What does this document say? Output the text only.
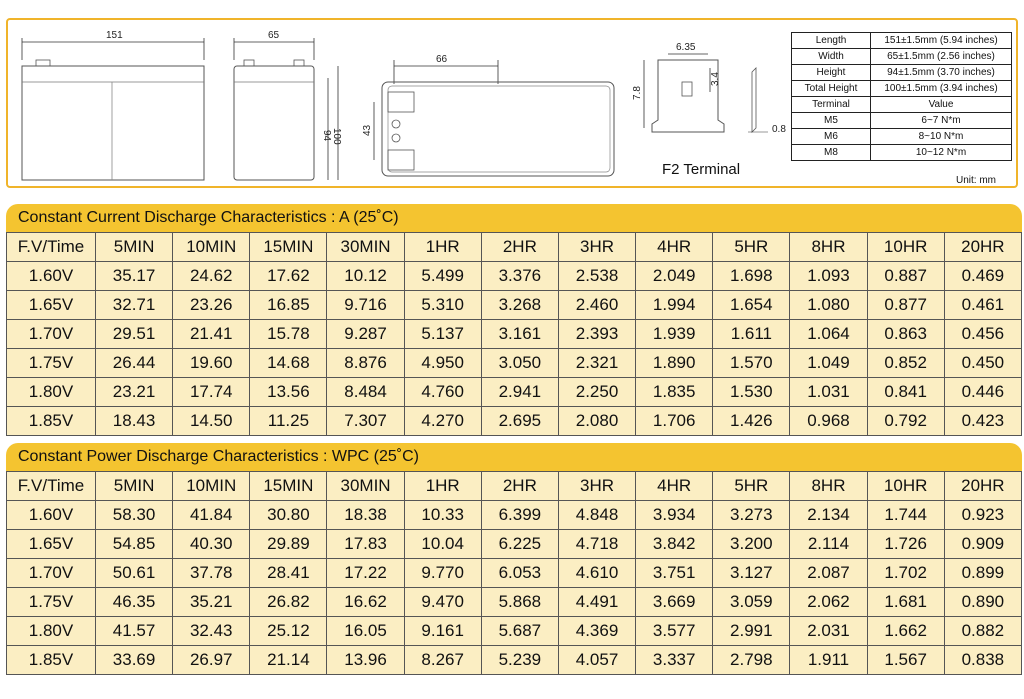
151	65
94 100
66
43
6.35
7.8
3.4
0.8
F2 Terminal
Length	151±1.5mm (5.94 inches)
Width	65±1.5mm (2.56 inches)
Height	94±1.5mm (3.70 inches)
Total Height	100±1.5mm (3.94 inches)
Terminal	Value
M5	6~7 N*m
M6	8~10 N*m
M8	10~12 N*m
Unit: mm
Constant Current Discharge Characteristics : A (25˚C)
F.V/Time	5MIN	10MIN	15MIN	30MIN	1HR	2HR	3HR	4HR	5HR	8HR	10HR	20HR
1.60V	35.17	24.62	17.62	10.12	5.499	3.376	2.538	2.049	1.698	1.093	0.887	0.469
1.65V	32.71	23.26	16.85	9.716	5.310	3.268	2.460	1.994	1.654	1.080	0.877	0.461
1.70V	29.51	21.41	15.78	9.287	5.137	3.161	2.393	1.939	1.611	1.064	0.863	0.456
1.75V	26.44	19.60	14.68	8.876	4.950	3.050	2.321	1.890	1.570	1.049	0.852	0.450
1.80V	23.21	17.74	13.56	8.484	4.760	2.941	2.250	1.835	1.530	1.031	0.841	0.446
1.85V	18.43	14.50	11.25	7.307	4.270	2.695	2.080	1.706	1.426	0.968	0.792	0.423
Constant Power Discharge Characteristics : WPC (25˚C)
F.V/Time	5MIN	10MIN	15MIN	30MIN	1HR	2HR	3HR	4HR	5HR	8HR	10HR	20HR
1.60V	58.30	41.84	30.80	18.38	10.33	6.399	4.848	3.934	3.273	2.134	1.744	0.923
1.65V	54.85	40.30	29.89	17.83	10.04	6.225	4.718	3.842	3.200	2.114	1.726	0.909
1.70V	50.61	37.78	28.41	17.22	9.770	6.053	4.610	3.751	3.127	2.087	1.702	0.899
1.75V	46.35	35.21	26.82	16.62	9.470	5.868	4.491	3.669	3.059	2.062	1.681	0.890
1.80V	41.57	32.43	25.12	16.05	9.161	5.687	4.369	3.577	2.991	2.031	1.662	0.882
1.85V	33.69	26.97	21.14	13.96	8.267	5.239	4.057	3.337	2.798	1.911	1.567	0.838
